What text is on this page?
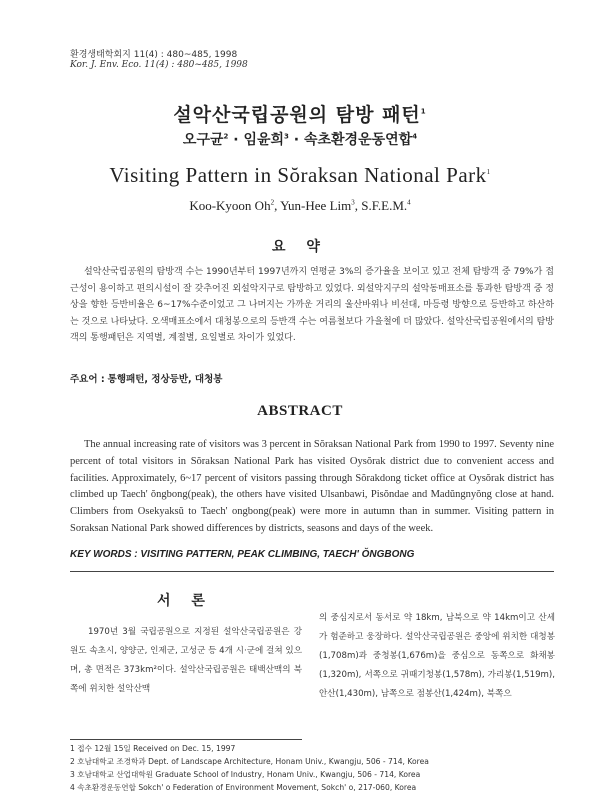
환경생태학회지 11(4) : 480~485, 1998
Kor. J. Env. Eco. 11(4) : 480~485, 1998
설악산국립공원의 탐방 패턴$^1$
오구균$^2$ · 임윤희$^3$ · 속초환경운동연합$^4$
Visiting Pattern in Sŏraksan National Park$^1$
Koo-Kyoon Oh$^2$, Yun-Hee Lim$^3$, S.F.E.M.$^4$
요 약
설악산국립공원의 탐방객 수는 1990년부터 1997년까지 연평균 3%의 증가율을 보이고 있고 전체 탐방객 중 79%가 접근성이 용이하고 편의시설이 잘 갖추어진 외설악지구로 탐방하고 있었다. 외설악지구의 설악동매표소를 통과한 탐방객 중 정상을 향한 등반비율은 6~17%수준이었고 그 나머지는 가까운 거리의 울산바위나 비선대, 마등령 방향으로 등반하고 하산하는 것으로 나타났다. 오색매표소에서 대청봉으로의 등반객 수는 여름철보다 가을철에 더 많았다. 설악산국립공원에서의 탐방객의 통행패턴은 지역별, 계절별, 요일별로 차이가 있었다.
주요어 : 통행패턴, 정상등반, 대청봉
ABSTRACT
The annual increasing rate of visitors was 3 percent in Sŏraksan National Park from 1990 to 1997. Seventy nine percent of total visitors in Sŏraksan National Park has visited Oysŏrak district due to convenient access and facilities. Approximately, 6~17 percent of visitors passing through Sŏrakdong ticket office at Oysŏrak district has climbed up Taech' ŏngbong(peak), the others have visited Ulsanbawi, Pisŏndae and Madŭngnyŏng close at hand. Climbers from Osekyaksŭ to Taech' ongbong(peak) were more in autumn than in summer. Visiting pattern in Soraksan National Park showed differences by districts, seasons and days of the week.
KEY WORDS : VISITING PATTERN, PEAK CLIMBING, TAECH' ŎNGBONG
서 론
1970년 3월 국립공원으로 지정된 설악산국립공원은 강원도 속초시, 양양군, 인제군, 고성군 등 4개 시·군에 걸쳐 있으며, 총 면적은 373km²이다. 설악산국립공원은 태백산맥의 북쪽에 위치한 설악산맥
의 중심지로서 동서로 약 18km, 남북으로 약 14km이고 산세가 험준하고 웅장하다. 설악산국립공원은 중앙에 위치한 대청봉(1,708m)과 중청봉(1,676m)을 중심으로 동쪽으로 화채봉(1,320m), 서쪽으로 귀때기청봉(1,578m), 가리봉(1,519m), 안산(1,430m), 남쪽으로 점봉산(1,424m), 북쪽으
1 접수 12월 15일 Received on Dec. 15, 1997
2 호남대학교 조경학과 Dept. of Landscape Architecture, Honam Univ., Kwangju, 506 - 714, Korea
3 호남대학교 산업대학원 Graduate School of Industry, Honam Univ., Kwangju, 506 - 714, Korea
4 속초환경운동연합 Sokch' o Federation of Environment Movement, Sokch' o, 217-060, Korea
